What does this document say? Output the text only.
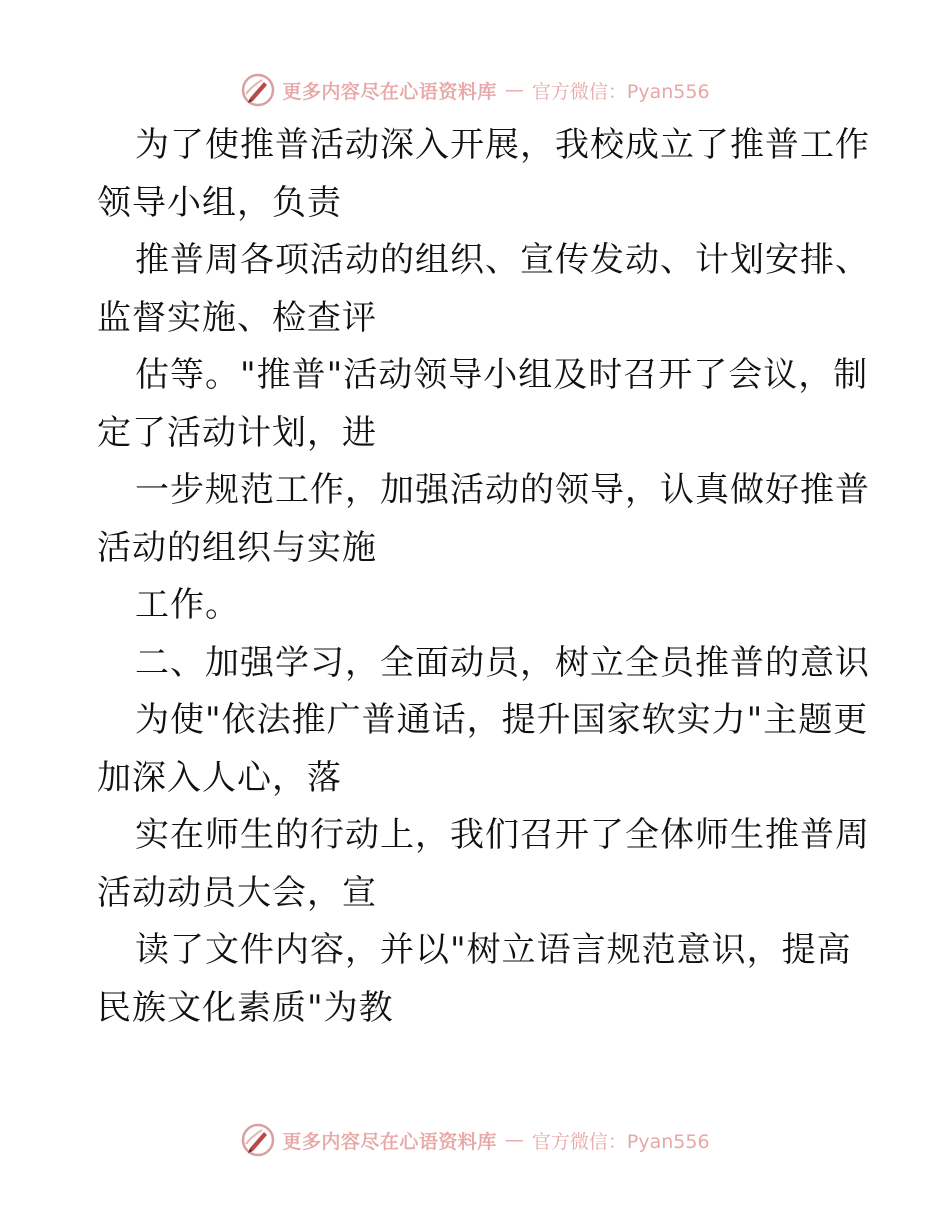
更多内容尽在心语资料库 — 官方微信：Pyan556
为了使推普活动深入开展，我校成立了推普工作
领导小组，负责
推普周各项活动的组织、宣传发动、计划安排、
监督实施、检查评
估等。"推普"活动领导小组及时召开了会议，制
定了活动计划，进
一步规范工作，加强活动的领导，认真做好推普
活动的组织与实施
工作。
二、加强学习，全面动员，树立全员推普的意识
为使"依法推广普通话，提升国家软实力"主题更
加深入人心，落
实在师生的行动上，我们召开了全体师生推普周
活动动员大会，宣
读了文件内容，并以"树立语言规范意识，提高
民族文化素质"为教
更多内容尽在心语资料库 — 官方微信：Pyan556
